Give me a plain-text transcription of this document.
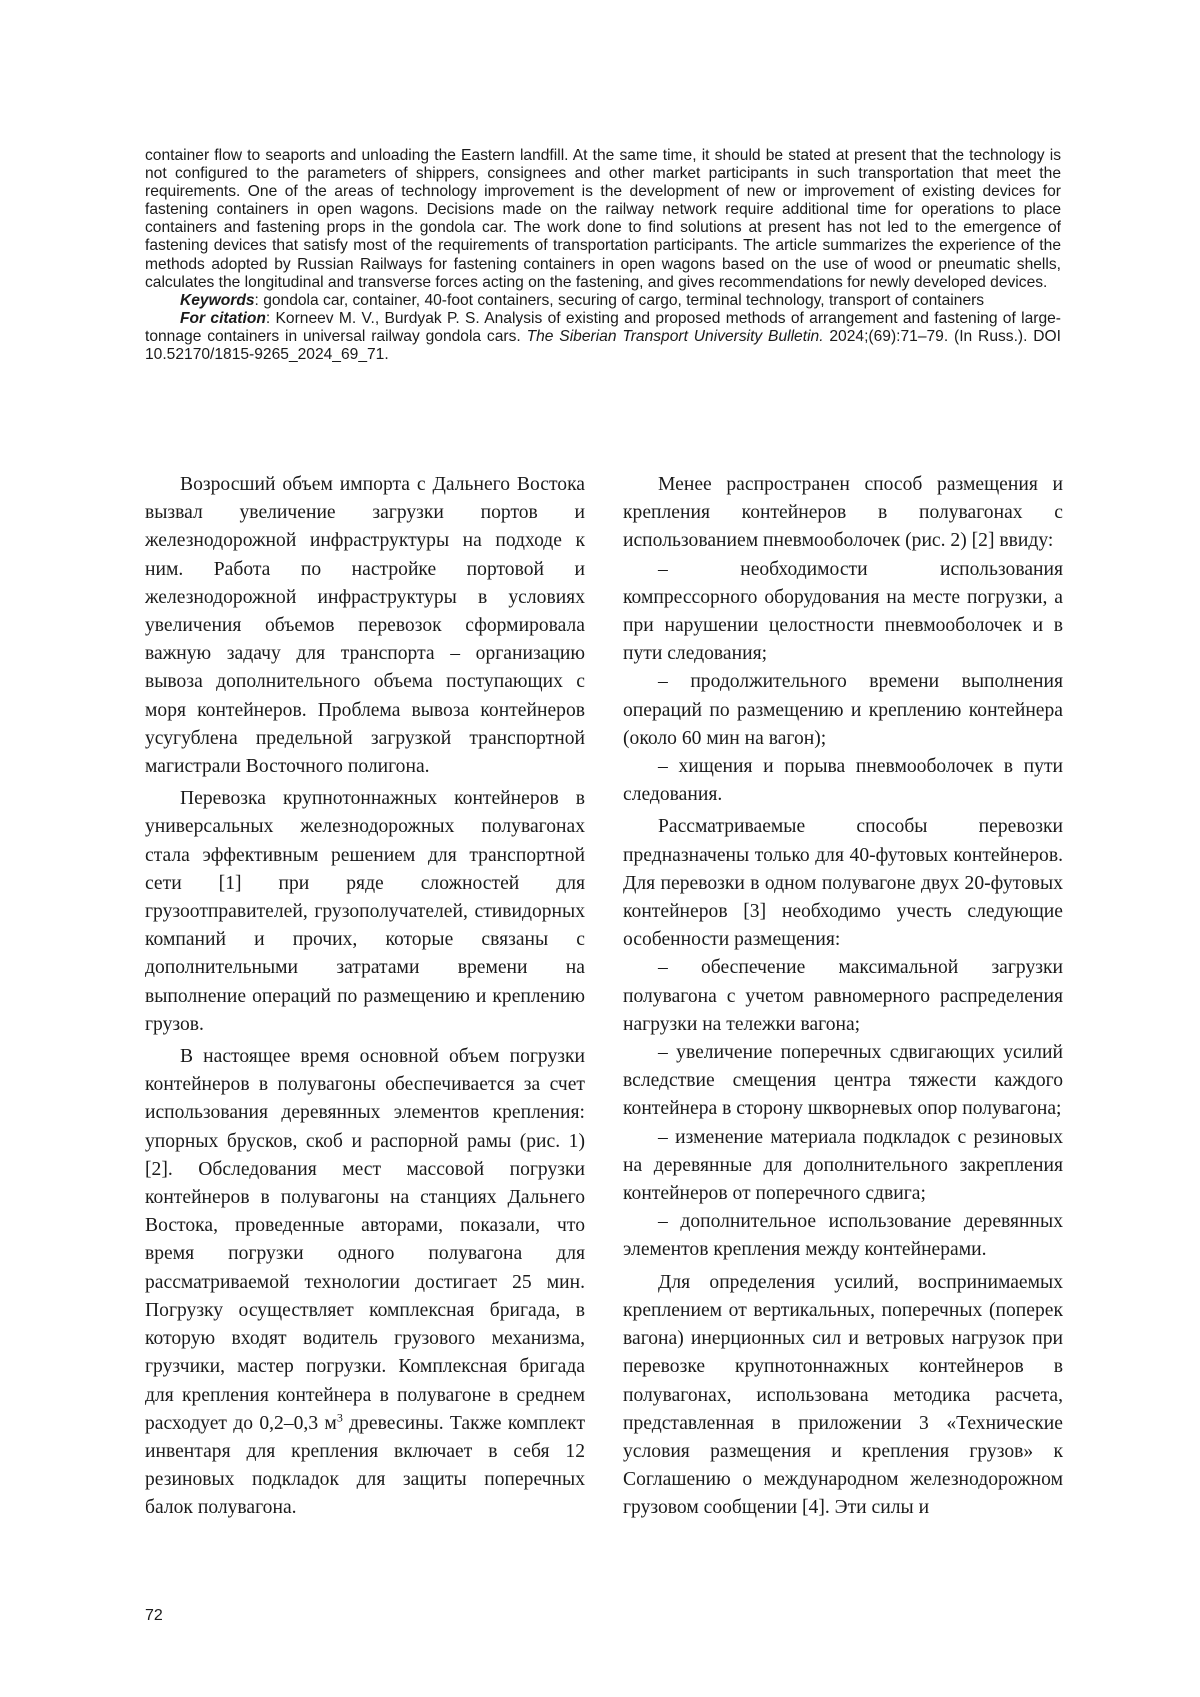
container flow to seaports and unloading the Eastern landfill. At the same time, it should be stated at present that the technology is not configured to the parameters of shippers, consignees and other market participants in such transportation that meet the requirements. One of the areas of technology improvement is the development of new or improvement of existing devices for fastening containers in open wagons. Decisions made on the railway network require additional time for operations to place containers and fastening props in the gondola car. The work done to find solutions at present has not led to the emergence of fastening devices that satisfy most of the requirements of transportation participants. The article summarizes the experience of the methods adopted by Russian Railways for fastening containers in open wagons based on the use of wood or pneumatic shells, calculates the longitudinal and transverse forces acting on the fastening, and gives recommendations for newly developed devices.

Keywords: gondola car, container, 40-foot containers, securing of cargo, terminal technology, transport of containers

For citation: Korneev M. V., Burdyak P. S. Analysis of existing and proposed methods of arrangement and fastening of large-tonnage containers in universal railway gondola cars. The Siberian Transport University Bulletin. 2024;(69):71–79. (In Russ.). DOI 10.52170/1815-9265_2024_69_71.

Возросший объем импорта с Дальнего Востока вызвал увеличение загрузки портов и железнодорожной инфраструктуры на подходе к ним. Работа по настройке портовой и железнодорожной инфраструктуры в условиях увеличения объемов перевозок сформировала важную задачу для транспорта – организацию вывоза дополнительного объема поступающих с моря контейнеров. Проблема вывоза контейнеров усугублена предельной загрузкой транспортной магистрали Восточного полигона.

Перевозка крупнотоннажных контейнеров в универсальных железнодорожных полувагонах стала эффективным решением для транспортной сети [1] при ряде сложностей для грузоотправителей, грузополучателей, стивидорных компаний и прочих, которые связаны с дополнительными затратами времени на выполнение операций по размещению и креплению грузов.

В настоящее время основной объем погрузки контейнеров в полувагоны обеспечивается за счет использования деревянных элементов крепления: упорных брусков, скоб и распорной рамы (рис. 1) [2]. Обследования мест массовой погрузки контейнеров в полувагоны на станциях Дальнего Востока, проведенные авторами, показали, что время погрузки одного полувагона для рассматриваемой технологии достигает 25 мин. Погрузку осуществляет комплексная бригада, в которую входят водитель грузового механизма, грузчики, мастер погрузки. Комплексная бригада для крепления контейнера в полувагоне в среднем расходует до 0,2–0,3 $м^3$ древесины. Также комплект инвентаря для крепления включает в себя 12 резиновых подкладок для защиты поперечных балок полувагона.

Менее распространен способ размещения и крепления контейнеров в полувагонах с использованием пневмооболочек (рис. 2) [2] ввиду:

– необходимости использования компрессорного оборудования на месте погрузки, а при нарушении целостности пневмооболочек и в пути следования;

– продолжительного времени выполнения операций по размещению и креплению контейнера (около 60 мин на вагон);

– хищения и порыва пневмооболочек в пути следования.

Рассматриваемые способы перевозки предназначены только для 40-футовых контейнеров. Для перевозки в одном полувагоне двух 20-футовых контейнеров [3] необходимо учесть следующие особенности размещения:

– обеспечение максимальной загрузки полувагона с учетом равномерного распределения нагрузки на тележки вагона;

– увеличение поперечных сдвигающих усилий вследствие смещения центра тяжести каждого контейнера в сторону шкворневых опор полувагона;

– изменение материала подкладок с резиновых на деревянные для дополнительного закрепления контейнеров от поперечного сдвига;

– дополнительное использование деревянных элементов крепления между контейнерами.

Для определения усилий, воспринимаемых креплением от вертикальных, поперечных (поперек вагона) инерционных сил и ветровых нагрузок при перевозке крупнотоннажных контейнеров в полувагонах, использована методика расчета, представленная в приложении 3 «Технические условия размещения и крепления грузов» к Соглашению о международном железнодорожном грузовом сообщении [4]. Эти силы и

72
